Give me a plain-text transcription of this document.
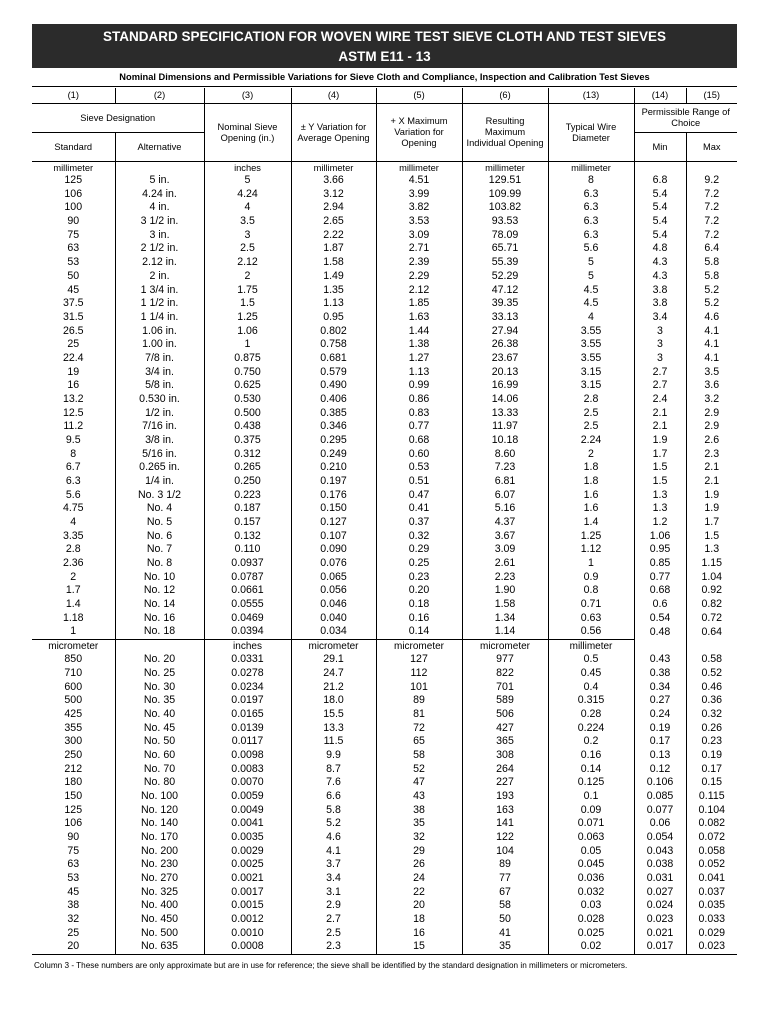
STANDARD SPECIFICATION FOR WOVEN WIRE TEST SIEVE CLOTH AND TEST SIEVES
ASTM E11 - 13
Nominal Dimensions and Permissible Variations for Sieve Cloth and Compliance, Inspection and Calibration Test Sieves
(1)	(2)	(3)	(4)	(5)	(6)	(13)	(14)	(15)
Sieve Designation		Nominal Sieve Opening (in.)	± Y Variation for Average Opening	+ X Maximum Variation for Opening	Resulting Maximum Individual Opening	Typical Wire Diameter	Permissible Range of Choice	
Standard	Alternative						Min	Max
millimeter		inches	millimeter	millimeter	millimeter	millimeter		
125	5 in.	5	3.66	4.51	129.51	8	6.8	9.2
106	4.24 in.	4.24	3.12	3.99	109.99	6.3	5.4	7.2
100	4 in.	4	2.94	3.82	103.82	6.3	5.4	7.2
90	3 1/2 in.	3.5	2.65	3.53	93.53	6.3	5.4	7.2
75	3 in.	3	2.22	3.09	78.09	6.3	5.4	7.2
63	2 1/2 in.	2.5	1.87	2.71	65.71	5.6	4.8	6.4
53	2.12 in.	2.12	1.58	2.39	55.39	5	4.3	5.8
50	2 in.	2	1.49	2.29	52.29	5	4.3	5.8
45	1 3/4 in.	1.75	1.35	2.12	47.12	4.5	3.8	5.2
37.5	1 1/2 in.	1.5	1.13	1.85	39.35	4.5	3.8	5.2
31.5	1 1/4 in.	1.25	0.95	1.63	33.13	4	3.4	4.6
26.5	1.06 in.	1.06	0.802	1.44	27.94	3.55	3	4.1
25	1.00 in.	1	0.758	1.38	26.38	3.55	3	4.1
22.4	7/8 in.	0.875	0.681	1.27	23.67	3.55	3	4.1
19	3/4 in.	0.750	0.579	1.13	20.13	3.15	2.7	3.5
16	5/8 in.	0.625	0.490	0.99	16.99	3.15	2.7	3.6
13.2	0.530 in.	0.530	0.406	0.86	14.06	2.8	2.4	3.2
12.5	1/2 in.	0.500	0.385	0.83	13.33	2.5	2.1	2.9
11.2	7/16 in.	0.438	0.346	0.77	11.97	2.5	2.1	2.9
9.5	3/8 in.	0.375	0.295	0.68	10.18	2.24	1.9	2.6
8	5/16 in.	0.312	0.249	0.60	8.60	2	1.7	2.3
6.7	0.265 in.	0.265	0.210	0.53	7.23	1.8	1.5	2.1
6.3	1/4 in.	0.250	0.197	0.51	6.81	1.8	1.5	2.1
5.6	No. 3 1/2	0.223	0.176	0.47	6.07	1.6	1.3	1.9
4.75	No. 4	0.187	0.150	0.41	5.16	1.6	1.3	1.9
4	No. 5	0.157	0.127	0.37	4.37	1.4	1.2	1.7
3.35	No. 6	0.132	0.107	0.32	3.67	1.25	1.06	1.5
2.8	No. 7	0.110	0.090	0.29	3.09	1.12	0.95	1.3
2.36	No. 8	0.0937	0.076	0.25	2.61	1	0.85	1.15
2	No. 10	0.0787	0.065	0.23	2.23	0.9	0.77	1.04
1.7	No. 12	0.0661	0.056	0.20	1.90	0.8	0.68	0.92
1.4	No. 14	0.0555	0.046	0.18	1.58	0.71	0.6	0.82
1.18	No. 16	0.0469	0.040	0.16	1.34	0.63	0.54	0.72
1	No. 18	0.0394	0.034	0.14	1.14	0.56	0.48	0.64
micrometer		inches	micrometer	micrometer	micrometer	millimeter		
850	No. 20	0.0331	29.1	127	977	0.5	0.43	0.58
710	No. 25	0.0278	24.7	112	822	0.45	0.38	0.52
600	No. 30	0.0234	21.2	101	701	0.4	0.34	0.46
500	No. 35	0.0197	18.0	89	589	0.315	0.27	0.36
425	No. 40	0.0165	15.5	81	506	0.28	0.24	0.32
355	No. 45	0.0139	13.3	72	427	0.224	0.19	0.26
300	No. 50	0.0117	11.5	65	365	0.2	0.17	0.23
250	No. 60	0.0098	9.9	58	308	0.16	0.13	0.19
212	No. 70	0.0083	8.7	52	264	0.14	0.12	0.17
180	No. 80	0.0070	7.6	47	227	0.125	0.106	0.15
150	No. 100	0.0059	6.6	43	193	0.1	0.085	0.115
125	No. 120	0.0049	5.8	38	163	0.09	0.077	0.104
106	No. 140	0.0041	5.2	35	141	0.071	0.06	0.082
90	No. 170	0.0035	4.6	32	122	0.063	0.054	0.072
75	No. 200	0.0029	4.1	29	104	0.05	0.043	0.058
63	No. 230	0.0025	3.7	26	89	0.045	0.038	0.052
53	No. 270	0.0021	3.4	24	77	0.036	0.031	0.041
45	No. 325	0.0017	3.1	22	67	0.032	0.027	0.037
38	No. 400	0.0015	2.9	20	58	0.03	0.024	0.035
32	No. 450	0.0012	2.7	18	50	0.028	0.023	0.033
25	No. 500	0.0010	2.5	16	41	0.025	0.021	0.029
20	No. 635	0.0008	2.3	15	35	0.02	0.017	0.023
Column 3 - These numbers are only approximate but are in use for reference; the sieve shall be identified by the standard designation in millimeters or micrometers.
